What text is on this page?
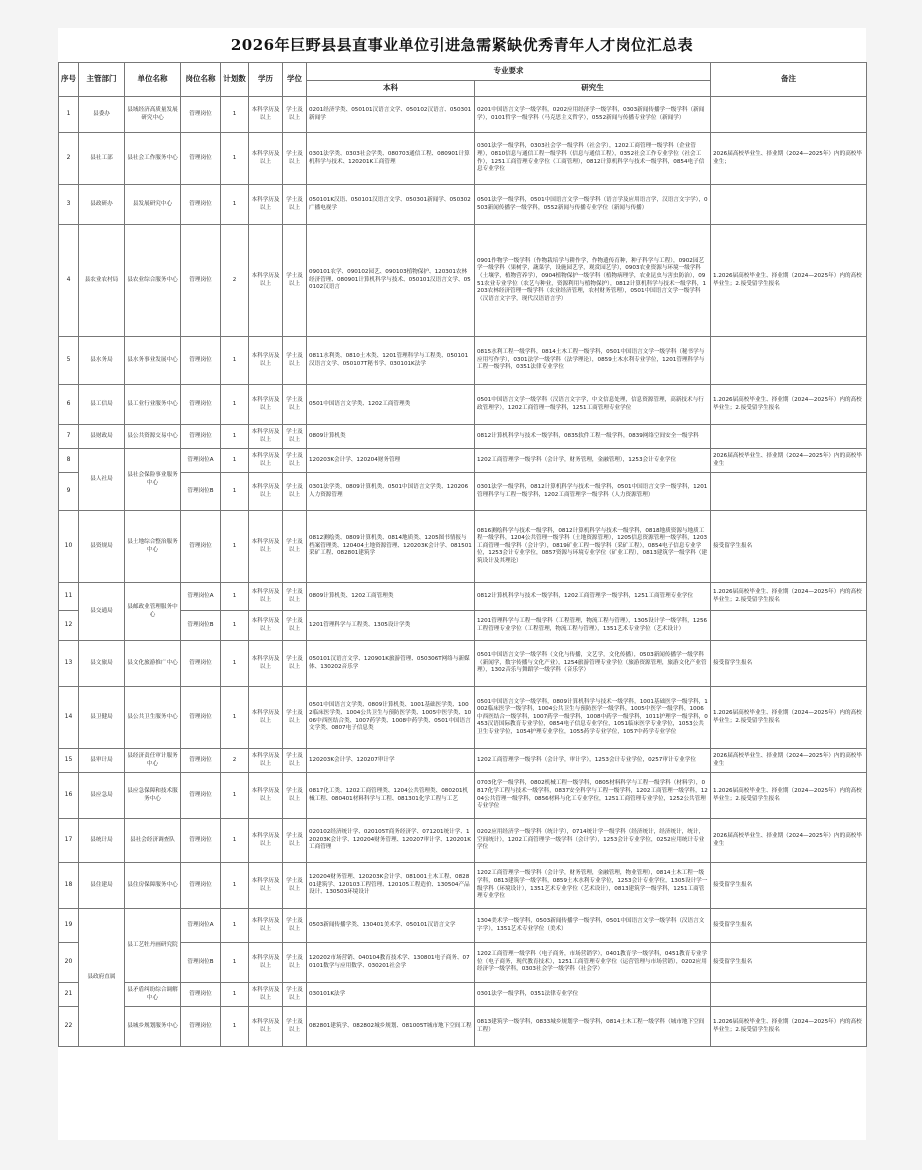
2026年巨野县县直事业单位引进急需紧缺优秀青年人才岗位汇总表
序号	主管部门	单位名称	岗位名称	计划数	学历	学位	专业要求		备注
							本科	研究生	
1	县委办	县域经济高质量发展研究中心	管理岗位	1	本科学历及以上	学士及以上	0201经济学类、050101汉语言文学、050102汉语言、050301新闻学	0201中国语言文学一级学科，0202应用经济学一级学科，0303新闻传播学一级学科（新闻学），0101哲学一级学科（马克思主义哲学），0552新闻与传播专业学位（新闻学）	
2	县社工部	县社会工作服务中心	管理岗位	1	本科学历及以上	学士及以上	0301法学类、0303社会学类、080703通信工程、080901计算机科学与技术、120201K工商管理	0301法学一级学科，0303社会学一级学科（社会学），1202工商管理一级学科（企业管理），0810信息与通信工程一级学科（信息与通信工程），0352社会工作专业学位（社会工作），1251工商管理专业学位（工商管理），0812计算机科学与技术一级学科，0854电子信息专业学位	2026届高校毕业生、择业期（2024—2025年）内的高校毕业生；
3	县政研办	县发展研究中心	管理岗位	1	本科学历及以上	学士及以上	050101K汉语、050101汉语言文学、050301新闻学、050302广播电视学	0501法学一级学科，0501中国语言文学一级学科（语言学及应用语言学，汉语言文字学），0503新闻传播学一级学科，0552新闻与传播专业学位（新闻与传播）	
4	县农业农村局	县农业综合服务中心	管理岗位	2	本科学历及以上	学士及以上	090101农学、090102园艺、090103植物保护、120301农林经济管理、080901计算机科学与技术、050101汉语言文学、050102汉语言	0901作物学一级学科（作物栽培学与耕作学，作物遗传育种，种子科学与工程），0902园艺学一级学科（果树学，蔬菜学，设施园艺学，观赏园艺学），0903农业资源与环境一级学科（土壤学，植物营养学），0904植物保护一级学科（植物病理学，农业昆虫与害虫防治），0951农业专业学位（农艺与种业，资源利用与植物保护），0812计算机科学与技术一级学科，1203农林经济管理一级学科（农业经济管理，农村财务管理），0501中国语言文学一级学科（汉语言文字学，现代汉语语言学）	1.2026届高校毕业生、择业期（2024—2025年）内的高校毕业生；2.接受留学生报名
5	县水务局	县水务事业发展中心	管理岗位	1	本科学历及以上	学士及以上	0811水利类、0810土木类、1201管理科学与工程类、050101汉语言文学、050107T秘书学、030101K法学	0815水利工程一级学科，0814土木工程一级学科，0501中国语言文学一级学科（秘书学与应用写作学），0301法学一级学科（法学理论），0859土木水利专业学位，1201管理科学与工程一级学科，0351法律专业学位	
6	县工信局	县工业行业服务中心	管理岗位	1	本科学历及以上	学士及以上	0501中国语言文学类、1202工商管理类	0501中国语言文学一级学科（汉语言文字学，中文信息处理，信息资源管理，高新技术与行政管理学），1202工商管理一级学科，1251工商管理专业学位	1.2026届高校毕业生、择业期（2024—2025年）内的高校毕业生；2.接受留学生报名
7	县财政局	县公共资源交易中心	管理岗位	1	本科学历及以上	学士及以上	0809计算机类	0812计算机科学与技术一级学科，0835软件工程一级学科，0839网络空间安全一级学科	
8	县人社局	县社会保险事业服务中心	管理岗位A	1	本科学历及以上	学士及以上	120203K会计学、120204财务管理	1202工商管理学一级学科（会计学，财务管理，金融管理），1253会计专业学位	2026届高校毕业生、择业期（2024—2025年）内的高校毕业生
9			管理岗位B	1	本科学历及以上	学士及以上	0301法学类、0809计算机类、0501中国语言文学类、120206人力资源管理	0301法学一级学科，0812计算机科学与技术一级学科，0501中国语言文学一级学科，1201管理科学与工程一级学科，1202工商管理学一级学科（人力资源管理）	
10	县资规局	县土地综合整治服务中心	管理岗位	1	本科学历及以上	学士及以上	0812测绘类、0809计算机类、0814地质类、1205图书情报与档案管理类、120404土地资源管理、120203K会计学、081501采矿工程、082801建筑学	0816测绘科学与技术一级学科，0812计算机科学与技术一级学科，0818地质资源与地质工程一级学科，1204公共管理一级学科（土地资源管理），1205信息资源管理一级学科，1203工商管理一级学科（会计学），0819矿业工程一级学科（采矿工程），0854电子信息专业学位，1253会计专业学位，0857资源与环境专业学位（矿业工程），0813建筑学一级学科（建筑设计及其理论）	接受留学生报名
11	县交通局	县邮政业管理服务中心	管理岗位A	1	本科学历及以上	学士及以上	0809计算机类、1202工商管理类	0812计算机科学与技术一级学科，1202工商管理学一级学科，1251工商管理专业学位	1.2026届高校毕业生、择业期（2024—2025年）内的高校毕业生；2.接受留学生报名
12			管理岗位B	1	本科学历及以上	学士及以上	1201管理科学与工程类、1305设计学类	1201管理科学与工程一级学科（工程管理，物流工程与管理），1305设计学一级学科，1256工程管理专业学位（工程管理，物流工程与管理），1351艺术专业学位（艺术设计）	
13	县文旅局	县文化旅游推广中心	管理岗位	1	本科学历及以上	学士及以上	050101汉语言文学、120901K旅游管理、050306T网络与新媒体、130202音乐学	0501中国语言文学一级学科（文化与传播，文艺学，文化传播），0503新闻传播学一级学科（新闻学，数字传播与文化产业），1254旅游管理专业学位（旅游资源管理，旅游文化产业管理），1302音乐与舞蹈学一级学科（音乐学）	接受留学生报名
14	县卫健局	县公共卫生服务中心	管理岗位	1	本科学历及以上	学士及以上	0501中国语言文学类、0809计算机类、1001基础医学类、1002临床医学类、1004公共卫生与预防医学类、1005中医学类、1006中西医结合类、1007药学类、1008中药学类、0501中国语言文学类、0807电子信息类	0501中国语言文学一级学科，0809计算机科学与技术一级学科，1001基础医学一级学科，1002临床医学一级学科，1004公共卫生与预防医学一级学科，1005中医学一级学科，1006中西医结合一级学科，1007药学一级学科，1008中药学一级学科，1011护理学一级学科，0453汉语国际教育专业学位，0854电子信息专业学位，1051临床医学专业学位，1053公共卫生专业学位，1054护理专业学位，1055药学专业学位，1057中药学专业学位	1.2026届高校毕业生、择业期（2024—2025年）内的高校毕业生；2.接受留学生报名
15	县审计局	县经济责任审计服务中心	管理岗位	2	本科学历及以上	学士及以上	120203K会计学、120207审计学	1202工商管理学一级学科（会计学，审计学），1253会计专业学位，0257审计专业学位	2026届高校毕业生、择业期（2024—2025年）内的高校毕业生
16	县应急局	县应急保障和技术服务中心	管理岗位	1	本科学历及以上	学士及以上	0817化工类、1202工商管理类、1204公共管理类、080201机械工程、080401材料科学与工程、081301化学工程与工艺	0703化学一级学科，0802机械工程一级学科，0805材料科学与工程一级学科（材料学），0817化学工程与技术一级学科，0837安全科学与工程一级学科，1202工商管理一级学科，1204公共管理一级学科，0856材料与化工专业学位，1251工商管理专业学位，1252公共管理专业学位	1.2026届高校毕业生、择业期（2024—2025年）内的高校毕业生；2.接受留学生报名
17	县统计局	县社会经济调查队	管理岗位	1	本科学历及以上	学士及以上	020102经济统计学、020105T商务经济学、071201统计学、120203K会计学、120204财务管理、120207审计学、120201K工商管理	0202应用经济学一级学科（统计学），0714统计学一级学科（经济统计，经济统计，统计，空间统计），1202工商管理学一级学科（会计学），1253会计专业学位，0252应用统计专业学位	2026届高校毕业生、择业期（2024—2025年）内的高校毕业生
18	县住建局	县住房保障服务中心	管理岗位	1	本科学历及以上	学士及以上	120204财务管理、120203K会计学、081001土木工程、082801建筑学、120103工程管理、120105工程造价、130504产品设计、130503环境设计	1202工商管理学一级学科（会计学，财务管理，金融管理，物业管理），0814土木工程一级学科，0813建筑学一级学科，0859土木水利专业学位，1253会计专业学位，1305设计学一级学科（环境设计），1351艺术专业学位（艺术设计），0813建筑学一级学科，1251工商管理专业学位	接受留学生报名
19	县政府直属	县工艺牡丹画研究院	管理岗位A	1	本科学历及以上	学士及以上	0503新闻传播学类、130401美术学、050101汉语言文学	1304美术学一级学科，0503新闻传播学一级学科，0501中国语言文学一级学科（汉语言文字学），1351艺术专业学位（美术）	接受留学生报名
20			管理岗位B	1	本科学历及以上	学士及以上	120202市场营销、040104教育技术学、130801电子商务、070101数学与应用数学、030201社会学	1202工商管理一级学科（电子商务，市场营销学），0401教育学一级学科，0451教育专业学位（电子商务，现代教育技术），1251工商管理专业学位（运营管理与市场营销），0202应用经济学一级学科，0303社会学一级学科（社会学）	接受留学生报名
21		县矛盾纠纷综合调解中心	管理岗位	1	本科学历及以上	学士及以上	030101K法学	0301法学一级学科，0351法律专业学位	
22		县城乡规划服务中心	管理岗位	1	本科学历及以上	学士及以上	082801建筑学、082802城乡规划、081005T城市地下空间工程	0813建筑学一级学科，0833城乡规划学一级学科，0814土木工程一级学科（城市地下空间工程）	1.2026届高校毕业生、择业期（2024—2025年）内的高校毕业生；2.接受留学生报名
